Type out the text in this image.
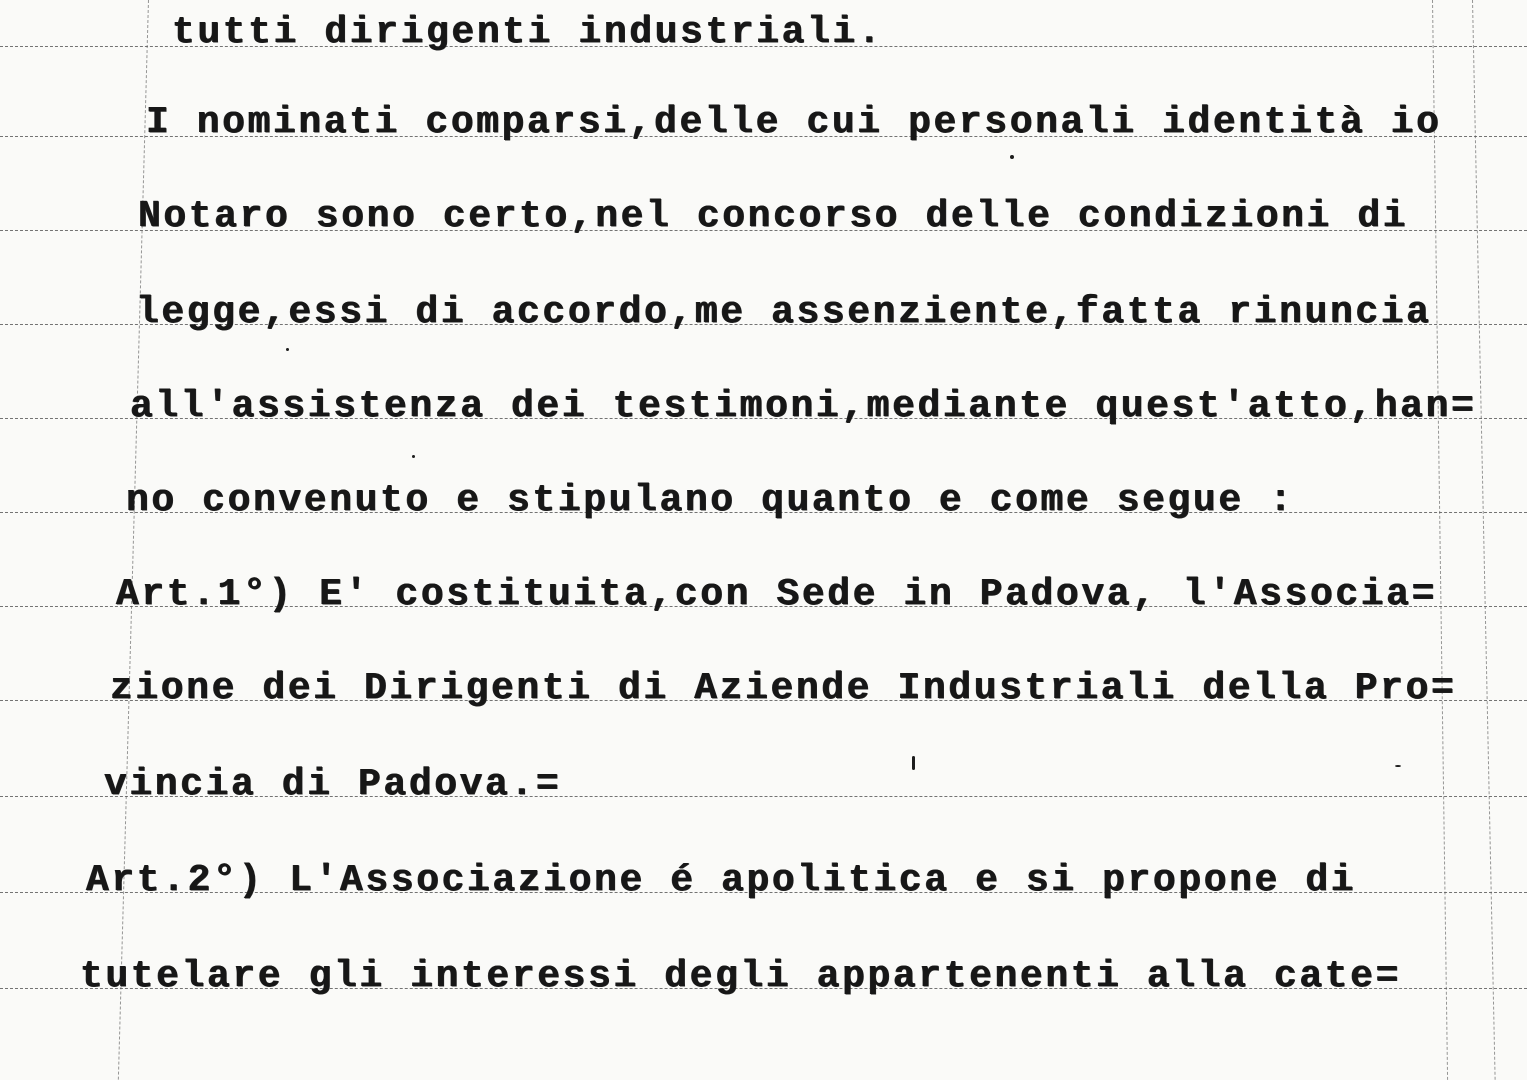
tutti dirigenti industriali.
I nominati comparsi,delle cui personali identità io
Notaro sono certo,nel concorso delle condizioni di
legge,essi di accordo,me assenziente,fatta rinuncia
all'assistenza dei testimoni,mediante quest'atto,han=
no convenuto e stipulano quanto e come segue :
Art.1°) E' costituita,con Sede in Padova, l'Associa=
zione dei Dirigenti di Aziende Industriali della Pro=
vincia di Padova.=
Art.2°) L'Associazione é apolitica e si propone di
tutelare gli interessi degli appartenenti alla cate=
